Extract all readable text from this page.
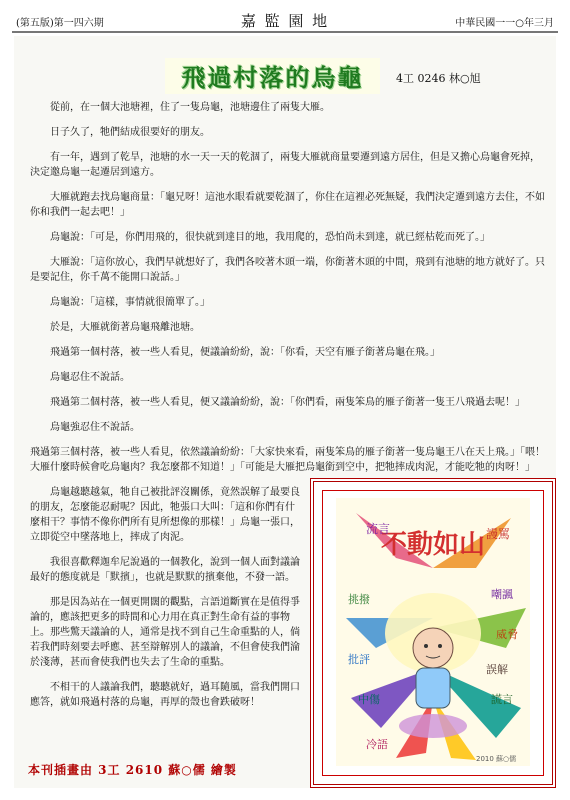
(第五版)第一四六期	嘉 監 園 地	中華民國一一○年三月
飛過村落的烏龜	4工 0246 林○旭

從前，在一個大池塘裡，住了一隻烏龜，池塘邊住了兩隻大雁。

日子久了，牠們結成很要好的朋友。

有一年，遇到了乾旱，池塘的水一天一天的乾涸了，兩隻大雁就商量要遷到遠方居住，但是又擔心烏龜會死掉，決定邀烏龜一起遷居到遠方。

大雁就跑去找烏龜商量：「龜兄呀！這池水眼看就要乾涸了，你住在這裡必死無疑，我們決定遷到遠方去住，不如你和我們一起去吧！」

烏龜說：「可是，你們用飛的，很快就到達目的地，我用爬的，恐怕尚未到達，就已經枯乾而死了。」

大雁說：「這你放心，我們早就想好了，我們各咬著木頭一端，你銜著木頭的中間，飛到有池塘的地方就好了。只是要記住，你千萬不能開口說話。」

烏龜說：「這樣，事情就很簡單了。」

於是，大雁就銜著烏龜飛離池塘。

飛過第一個村落，被一些人看見，便議論紛紛，說：「你看，天空有雁子銜著烏龜在飛。」

烏龜忍住不說話。

飛過第二個村落，被一些人看見，便又議論紛紛，說：「你們看，兩隻笨鳥的雁子銜著一隻王八飛過去呢！」

烏龜強忍住不說話。

飛過第三個村落，被一些人看見，依然議論紛紛：「大家快來看，兩隻笨鳥的雁子銜著一隻烏龜王八在天上飛。」「喂！大雁什麼時候會吃烏龜肉？我怎麼都不知道！」「可能是大雁把烏龜銜到空中，把牠摔成肉泥，才能吃牠的肉呀！」

烏龜越聽越氣，牠自己被批評沒關係，竟然誤解了最要良的朋友，怎麼能忍耐呢？因此，牠張口大叫：「這和你們有什麼相干？事情不像你們所有見所想像的那樣！」烏龜一張口，立即從空中墜落地上，摔成了肉泥。

我很喜歡釋迦牟尼說過的一個教化，說到一個人面對議論最好的態度就是「默擯」，也就是默默的擯棄他，不發一語。

那是因為站在一個更開闊的觀點，言語道斷實在是值得爭論的，應該把更多的時間和心力用在真正對生命有益的事物上。那些驚天議論的人，通常是找不到自己生命重點的人，倘若我們時刻要去呼應、甚至辯解別人的議論，不但會使我們淪於淺薄，甚而會使我們也失去了生命的重點。

不相干的人議論我們，聽聽就好，過耳隨風，當我們開口應答，就如飛過村落的烏龜，再厚的殼也會跌破呀！

不動如山
流言	謾罵
挑撥	嘲諷
批評
威脅
中傷	謊言
冷語
誤解
2010 蘇○儒
本刊插畫由 3工 2610 蘇○儒 繪製
